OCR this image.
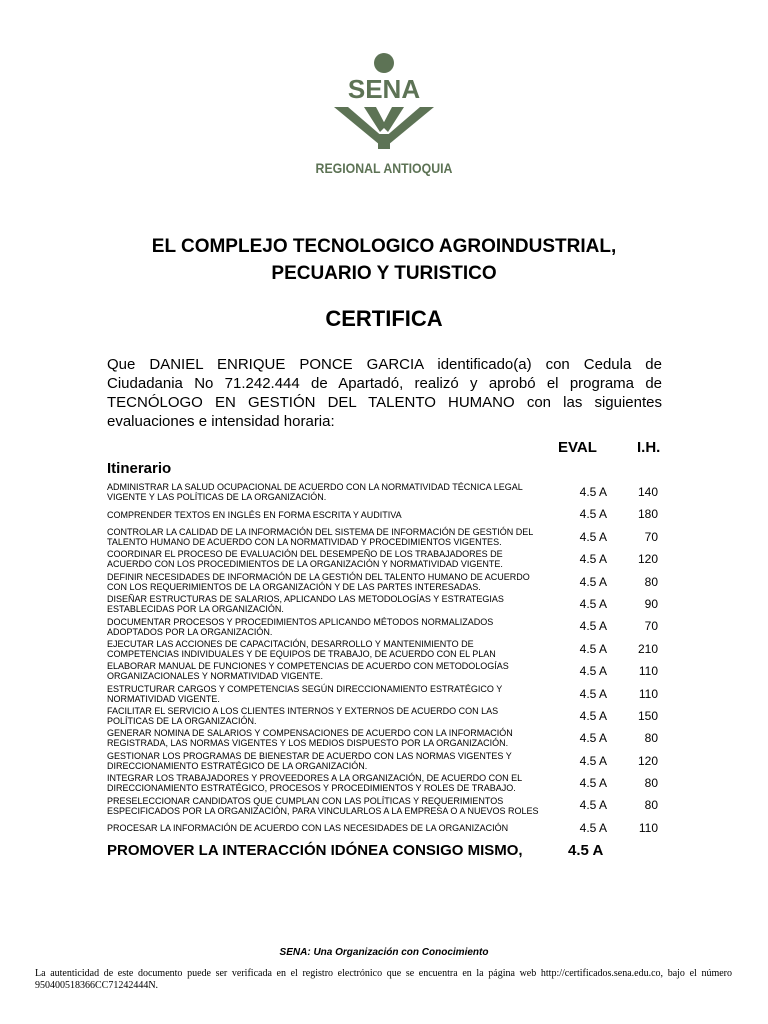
SENA
REGIONAL ANTIOQUIA
EL COMPLEJO TECNOLOGICO AGROINDUSTRIAL,
PECUARIO Y TURISTICO
CERTIFICA

Que DANIEL ENRIQUE PONCE GARCIA identificado(a) con Cedula de Ciudadania No 71.242.444 de Apartadó, realizó y aprobó el programa de TECNÓLOGO EN GESTIÓN DEL TALENTO HUMANO con las siguientes evaluaciones e intensidad horaria:

EVAL	I.H.
Itinerario
ADMINISTRAR LA SALUD OCUPACIONAL DE ACUERDO CON LA NORMATIVIDAD TÉCNICA LEGAL VIGENTE Y LAS POLÍTICAS DE LA ORGANIZACIÓN.	4.5 A	140
COMPRENDER TEXTOS EN INGLÉS EN FORMA ESCRITA Y AUDITIVA	4.5 A	180
CONTROLAR LA CALIDAD DE LA INFORMACIÓN DEL SISTEMA DE INFORMACIÓN DE GESTIÓN DEL TALENTO HUMANO DE ACUERDO CON LA NORMATIVIDAD Y PROCEDIMIENTOS VIGENTES.	4.5 A	70
COORDINAR EL PROCESO DE EVALUACIÓN DEL DESEMPEÑO DE LOS TRABAJADORES DE ACUERDO CON LOS PROCEDIMIENTOS DE LA ORGANIZACIÓN Y NORMATIVIDAD VIGENTE.	4.5 A	120
DEFINIR NECESIDADES DE INFORMACIÓN DE LA GESTIÓN DEL TALENTO HUMANO DE ACUERDO CON LOS REQUERIMIENTOS DE LA ORGANIZACIÓN Y DE LAS PARTES INTERESADAS.	4.5 A	80
DISEÑAR ESTRUCTURAS DE SALARIOS, APLICANDO LAS METODOLOGÍAS Y ESTRATEGIAS ESTABLECIDAS POR LA ORGANIZACIÓN.	4.5 A	90
DOCUMENTAR PROCESOS Y PROCEDIMIENTOS APLICANDO MÉTODOS NORMALIZADOS ADOPTADOS POR LA ORGANIZACIÓN.	4.5 A	70
EJECUTAR LAS ACCIONES DE CAPACITACIÓN, DESARROLLO Y MANTENIMIENTO DE COMPETENCIAS INDIVIDUALES Y DE EQUIPOS DE TRABAJO, DE ACUERDO CON EL PLAN	4.5 A	210
ELABORAR MANUAL DE FUNCIONES Y COMPETENCIAS DE ACUERDO CON METODOLOGÍAS ORGANIZACIONALES Y NORMATIVIDAD VIGENTE.	4.5 A	110
ESTRUCTURAR CARGOS Y COMPETENCIAS SEGÚN DIRECCIONAMIENTO ESTRATÉGICO Y NORMATIVIDAD VIGENTE.	4.5 A	110
FACILITAR EL SERVICIO A LOS CLIENTES INTERNOS Y EXTERNOS DE ACUERDO CON LAS POLÍTICAS DE LA ORGANIZACIÓN.	4.5 A	150
GENERAR NOMINA DE SALARIOS Y COMPENSACIONES DE ACUERDO CON LA INFORMACIÓN REGISTRADA, LAS NORMAS VIGENTES Y LOS MEDIOS DISPUESTO POR LA ORGANIZACIÓN.	4.5 A	80
GESTIONAR LOS PROGRAMAS DE BIENESTAR DE ACUERDO CON LAS NORMAS VIGENTES Y DIRECCIONAMIENTO ESTRATÉGICO DE LA ORGANIZACIÓN.	4.5 A	120
INTEGRAR LOS TRABAJADORES Y PROVEEDORES A LA ORGANIZACIÓN, DE ACUERDO CON EL DIRECCIONAMIENTO ESTRATÉGICO, PROCESOS Y PROCEDIMIENTOS Y ROLES DE TRABAJO.	4.5 A	80
PRESELECCIONAR CANDIDATOS QUE CUMPLAN CON LAS POLÍTICAS Y REQUERIMIENTOS ESPECIFICADOS POR LA ORGANIZACIÓN, PARA VINCULARLOS A LA EMPRESA O A NUEVOS ROLES	4.5 A	80
PROCESAR LA INFORMACIÓN DE ACUERDO CON LAS NECESIDADES DE LA ORGANIZACIÓN	4.5 A	110
PROMOVER LA INTERACCIÓN IDÓNEA CONSIGO MISMO,	4.5 A
SENA: Una Organización con Conocimiento

La autenticidad de este documento puede ser verificada en el registro electrónico que se encuentra en la página web http://certificados.sena.edu.co, bajo el número 950400518366CC71242444N.
